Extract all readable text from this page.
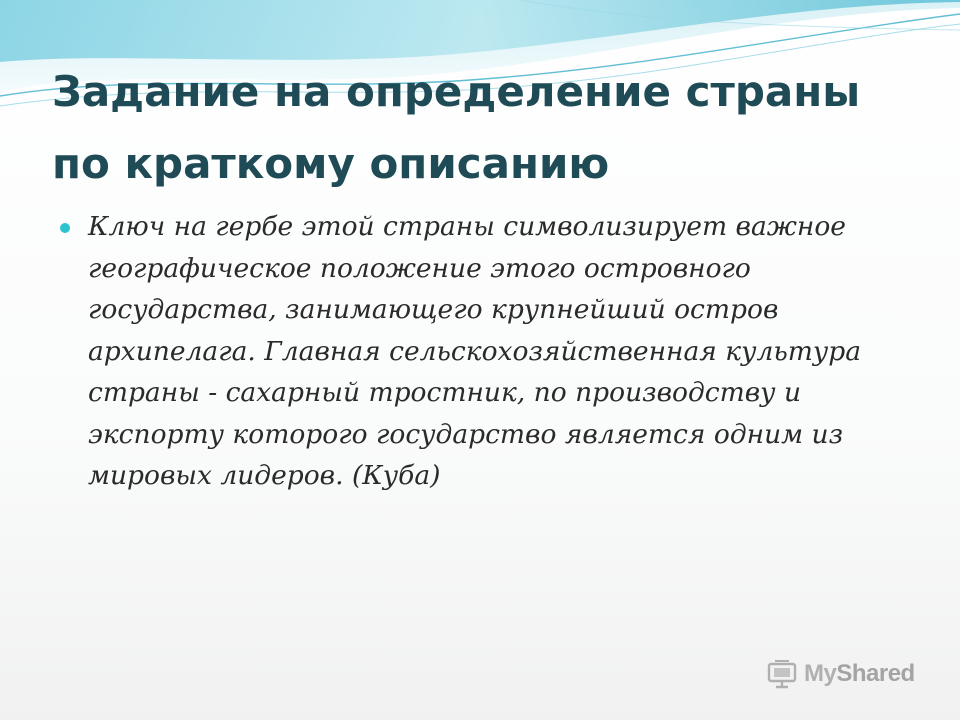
Задание на определение страны по краткому описанию

Ключ на гербе этой страны символизирует важное географическое положение этого островного государства, занимающего крупнейший остров архипелага. Главная сельскохозяйственная культура страны - сахарный тростник, по производству и экспорту которого государство является одним из мировых лидеров. (Куба)

MyShared
